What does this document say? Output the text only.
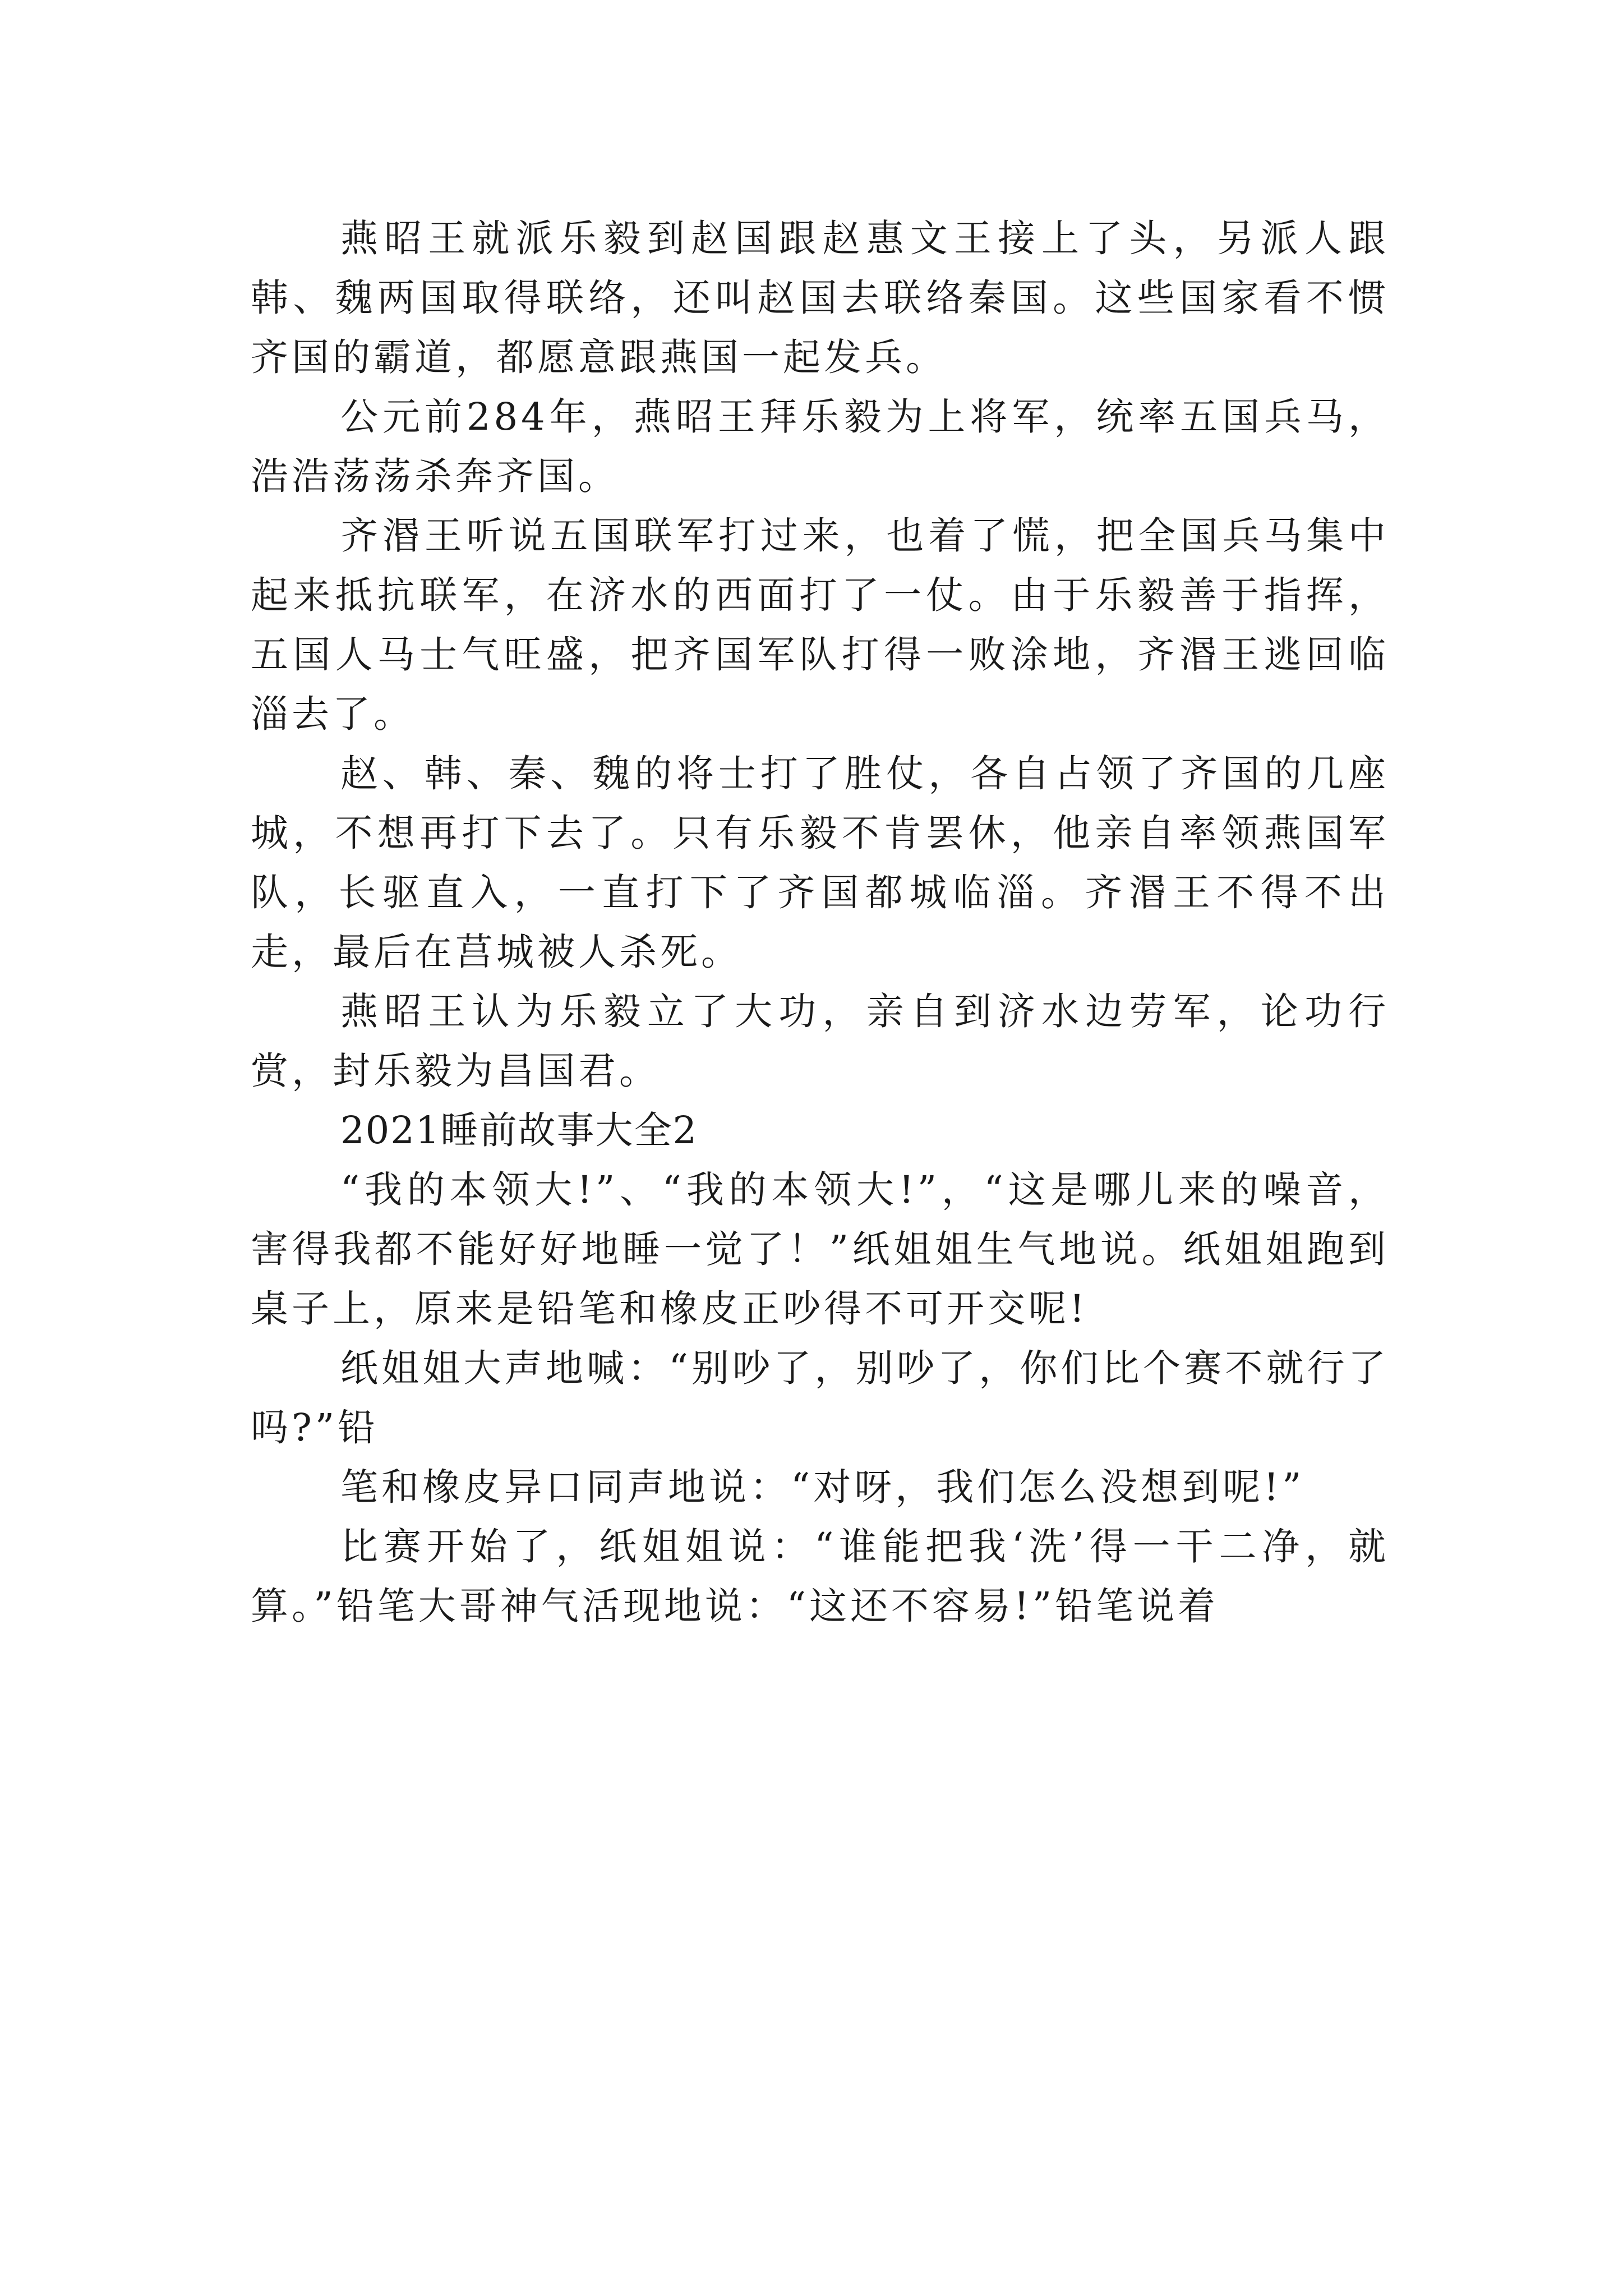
燕昭王就派乐毅到赵国跟赵惠文王接上了头，另派人跟韩、魏两国取得联络，还叫赵国去联络秦国。这些国家看不惯齐国的霸道，都愿意跟燕国一起发兵。

公元前284年，燕昭王拜乐毅为上将军，统率五国兵马，浩浩荡荡杀奔齐国。

齐湣王听说五国联军打过来，也着了慌，把全国兵马集中起来抵抗联军，在济水的西面打了一仗。由于乐毅善于指挥，五国人马士气旺盛，把齐国军队打得一败涂地，齐湣王逃回临淄去了。

赵、韩、秦、魏的将士打了胜仗，各自占领了齐国的几座城，不想再打下去了。只有乐毅不肯罢休，他亲自率领燕国军队，长驱直入，一直打下了齐国都城临淄。齐湣王不得不出走，最后在莒城被人杀死。

燕昭王认为乐毅立了大功，亲自到济水边劳军，论功行赏，封乐毅为昌国君。

2021睡前故事大全2

“我的本领大!”、“我的本领大!”，“这是哪儿来的噪音，害得我都不能好好地睡一觉了！”纸姐姐生气地说。纸姐姐跑到桌子上，原来是铅笔和橡皮正吵得不可开交呢!

纸姐姐大声地喊：“别吵了，别吵了，你们比个赛不就行了吗?”铅

笔和橡皮异口同声地说：“对呀，我们怎么没想到呢!”

比赛开始了，纸姐姐说：“谁能把我‘洗’得一干二净，就算。”铅笔大哥神气活现地说：“这还不容易!”铅笔说着
